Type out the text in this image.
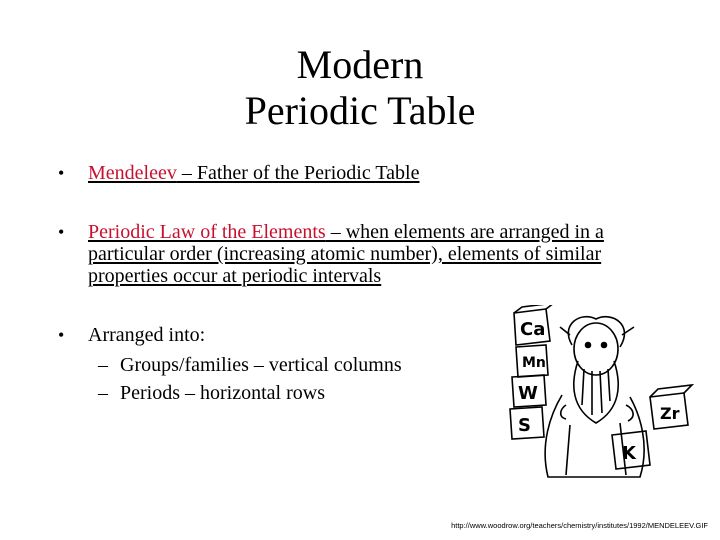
Modern
Periodic Table
• Mendeleev – Father of the Periodic Table
• Periodic Law of the Elements – when elements are arranged in a particular order (increasing atomic number), elements of similar properties occur at periodic intervals
• Arranged into:
– Groups/families – vertical columns
– Periods – horizontal rows
Ca
Mn
W
S
Zr
K
http://www.woodrow.org/teachers/chemistry/institutes/1992/MENDELEEV.GIF
